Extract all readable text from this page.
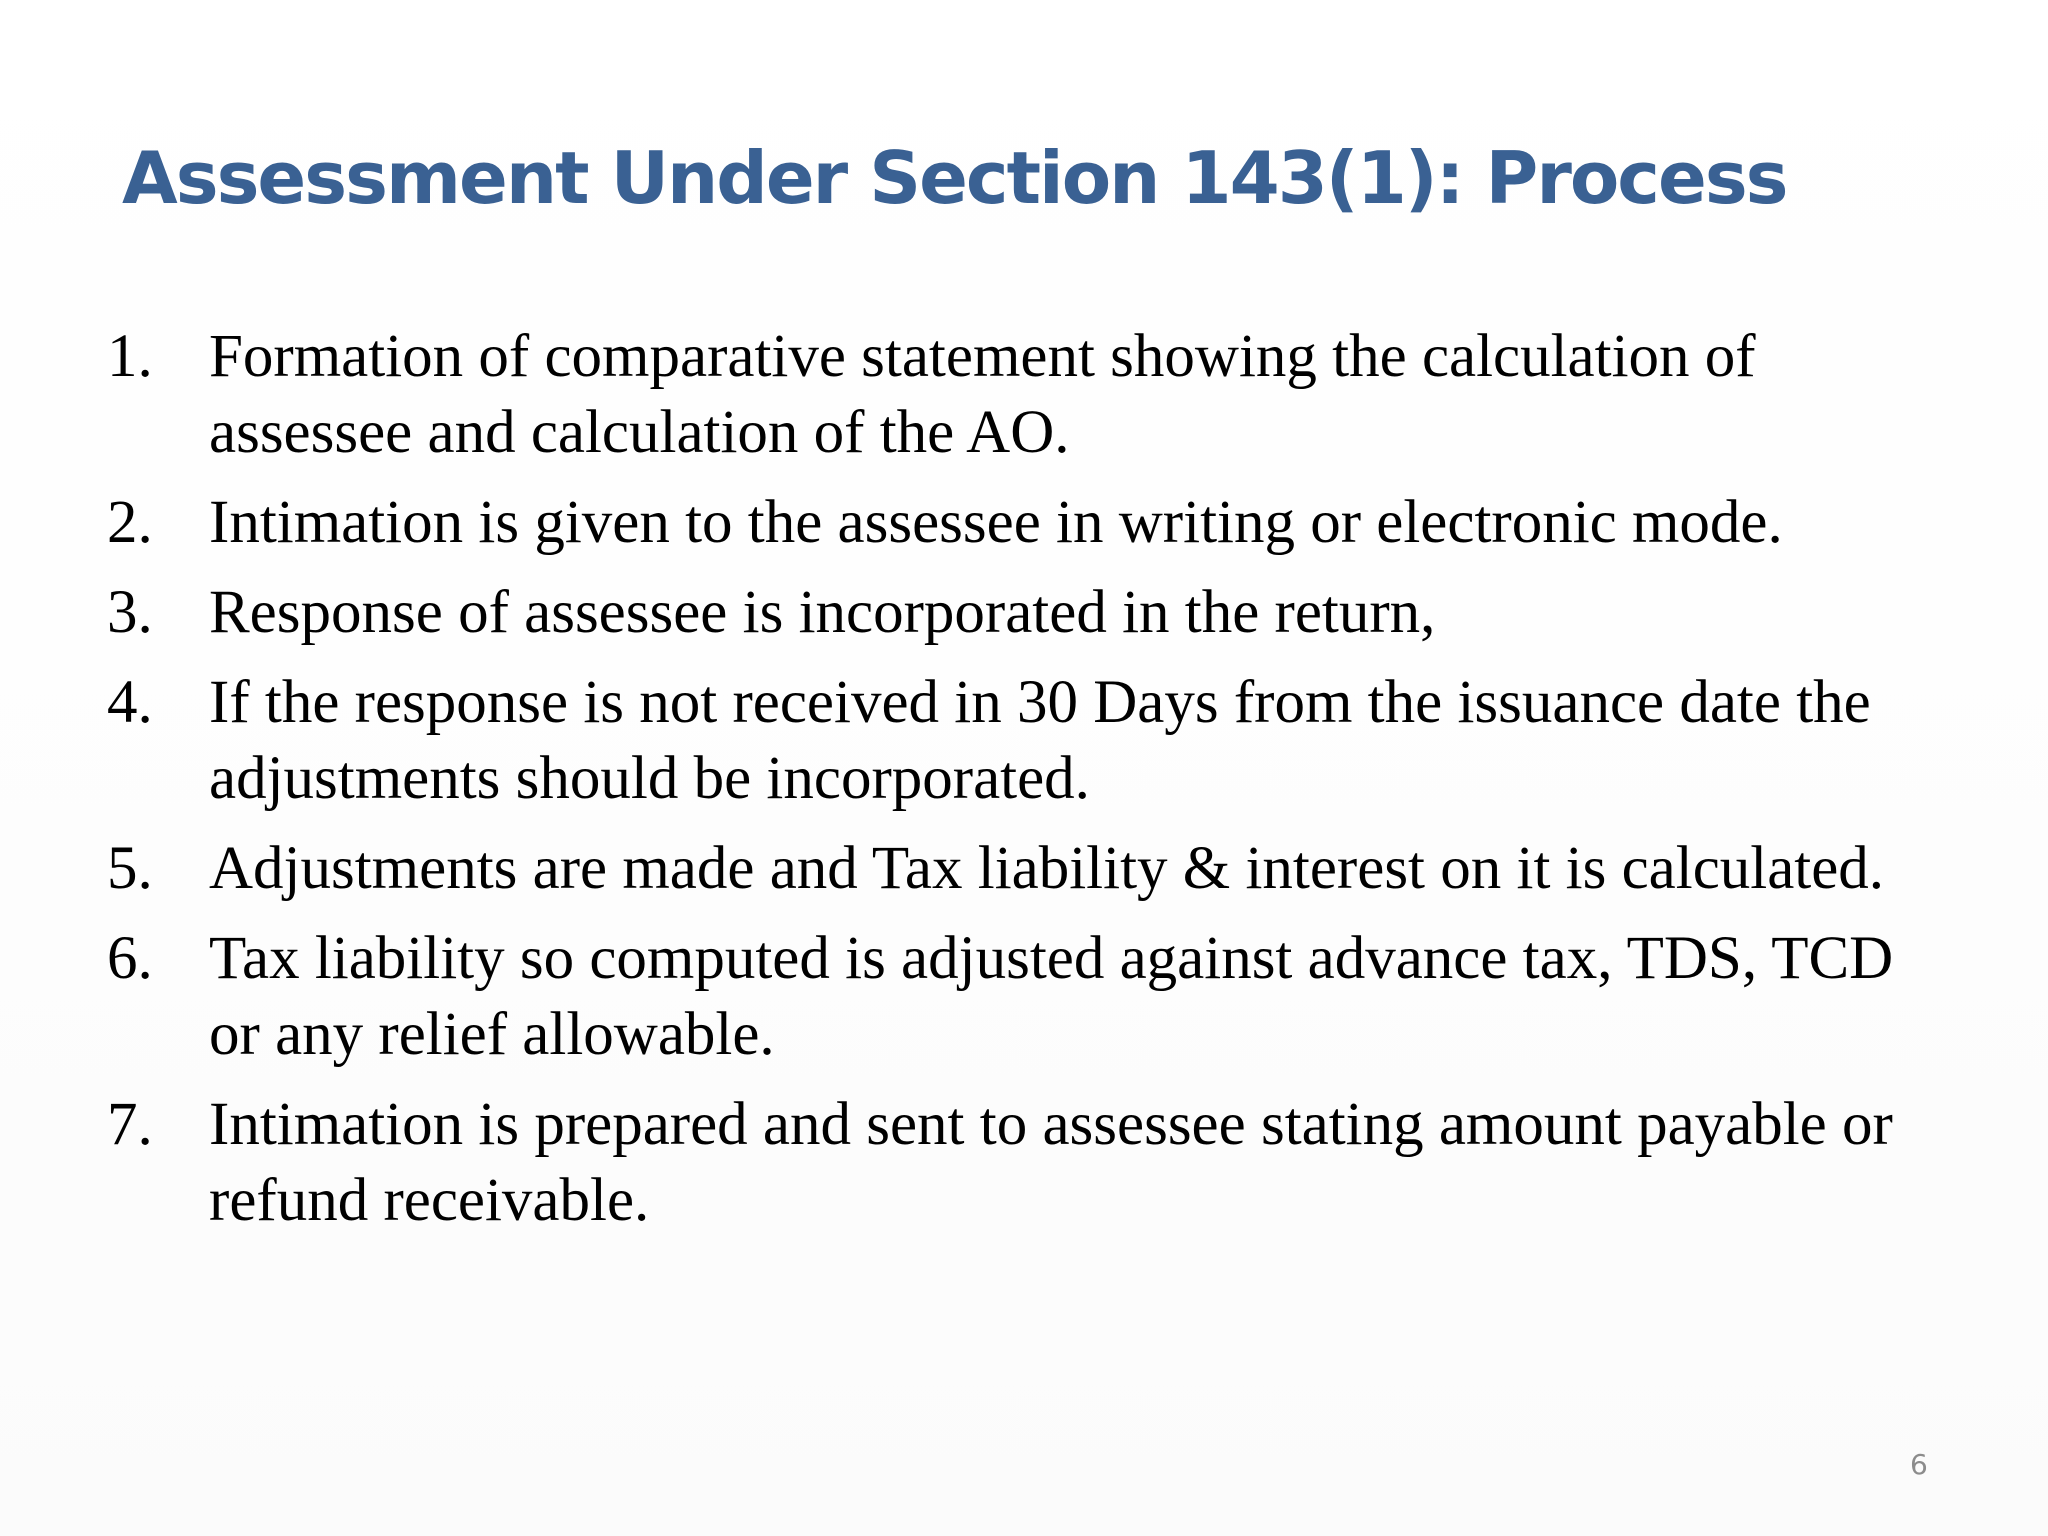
Assessment Under Section 143(1): Process
1. Formation of comparative statement showing the calculation of
assessee and calculation of the AO.
2. Intimation is given to the assessee in writing or electronic mode.
3. Response of assessee is incorporated in the return,
4. If the response is not received in 30 Days from the issuance date the
adjustments should be incorporated.
5. Adjustments are made and Tax liability & interest on it is calculated.
6. Tax liability so computed is adjusted against advance tax, TDS, TCD
or any relief allowable.
7. Intimation is prepared and sent to assessee stating amount payable or
refund receivable.
6
